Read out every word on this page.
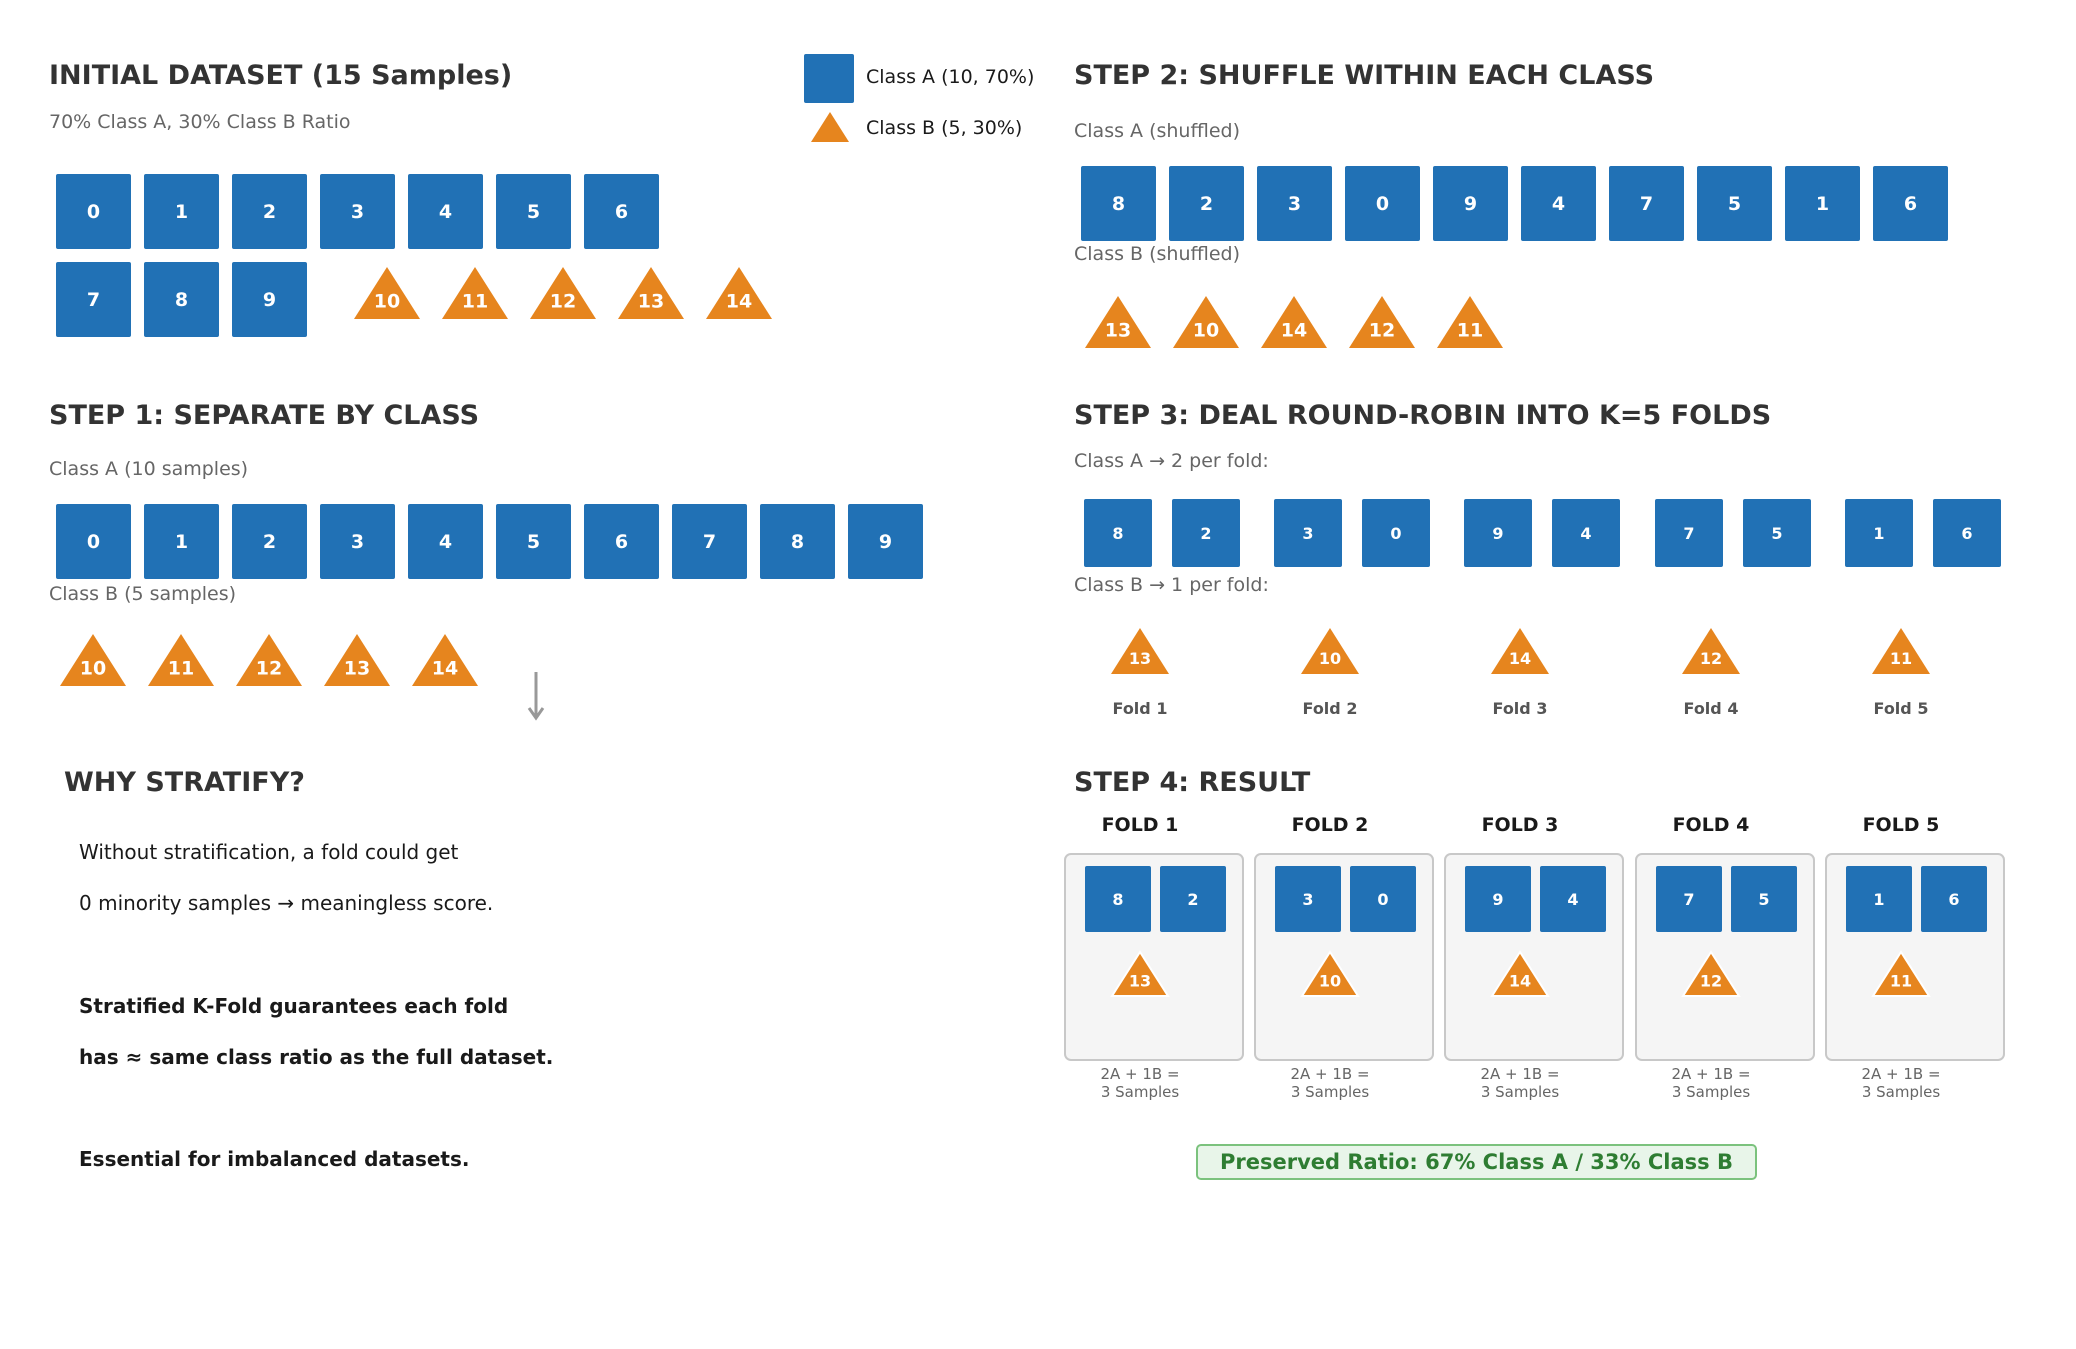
INITIAL DATASET (15 Samples)
70% Class A, 30% Class B Ratio
Class A (10, 70%)
Class B (5, 30%)
STEP 1: SEPARATE BY CLASS
Class A (10 samples)
Class B (5 samples)
WHY STRATIFY?
Without stratification, a fold could get
0 minority samples → meaningless score.
Stratified K-Fold guarantees each fold
has ≈ same class ratio as the full dataset.
Essential for imbalanced datasets.
STEP 2: SHUFFLE WITHIN EACH CLASS
Class A (shuffled)
Class B (shuffled)
STEP 3: DEAL ROUND-ROBIN INTO K=5 FOLDS
Class A → 2 per fold:
Class B → 1 per fold:
STEP 4: RESULT
Preserved Ratio: 67% Class A / 33% Class B
0	1	2	3	4	5	6
7	8	9	10	11	12	13	14
0	1	2	3	4	5	6	7	8	9
10	11	12	13	14
8	2	3	0	9	4	7	5	1	6
13	10	14	12	11
8	2
13
Fold 1
3	0
10
Fold 2
9	4
14
Fold 3
7	5
12
Fold 4
1	6
11
Fold 5
FOLD 1
8	2
13
2A + 1B =
3 Samples
FOLD 2
3	0
10
2A + 1B =
3 Samples
FOLD 3
9	4
14
2A + 1B =
3 Samples
FOLD 4
7	5
12
2A + 1B =
3 Samples
FOLD 5
1	6
11
2A + 1B =
3 Samples
